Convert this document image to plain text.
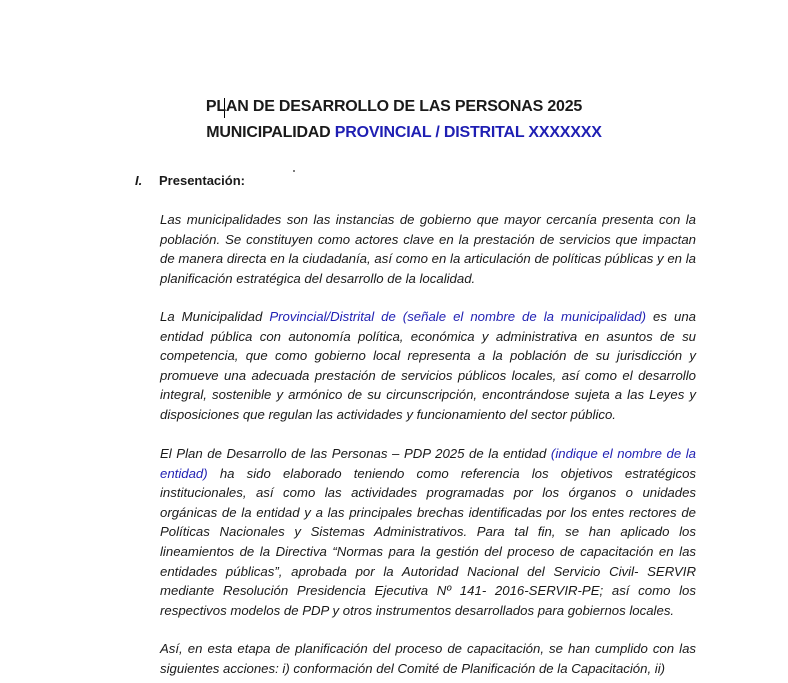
PLAN DE DESARROLLO DE LAS PERSONAS 2025
MUNICIPALIDAD PROVINCIAL / DISTRITAL XXXXXXX
I. Presentación:
Las municipalidades son las instancias de gobierno que mayor cercanía presenta con la población. Se constituyen como actores clave en la prestación de servicios que impactan de manera directa en la ciudadanía, así como en la articulación de políticas públicas y en la planificación estratégica del desarrollo de la localidad.
La Municipalidad Provincial/Distrital de (señale el nombre de la municipalidad) es una entidad pública con autonomía política, económica y administrativa en asuntos de su competencia, que como gobierno local representa a la población de su jurisdicción y promueve una adecuada prestación de servicios públicos locales, así como el desarrollo integral, sostenible y armónico de su circunscripción, encontrándose sujeta a las Leyes y disposiciones que regulan las actividades y funcionamiento del sector público.
El Plan de Desarrollo de las Personas – PDP 2025 de la entidad (indique el nombre de la entidad) ha sido elaborado teniendo como referencia los objetivos estratégicos institucionales, así como las actividades programadas por los órganos o unidades orgánicas de la entidad y a las principales brechas identificadas por los entes rectores de Políticas Nacionales y Sistemas Administrativos. Para tal fin, se han aplicado los lineamientos de la Directiva “Normas para la gestión del proceso de capacitación en las entidades públicas”, aprobada por la Autoridad Nacional del Servicio Civil- SERVIR mediante Resolución Presidencia Ejecutiva Nº 141- 2016-SERVIR-PE; así como los respectivos modelos de PDP y otros instrumentos desarrollados para gobiernos locales.
Así, en esta etapa de planificación del proceso de capacitación, se han cumplido con las siguientes acciones: i) conformación del Comité de Planificación de la Capacitación, ii)
